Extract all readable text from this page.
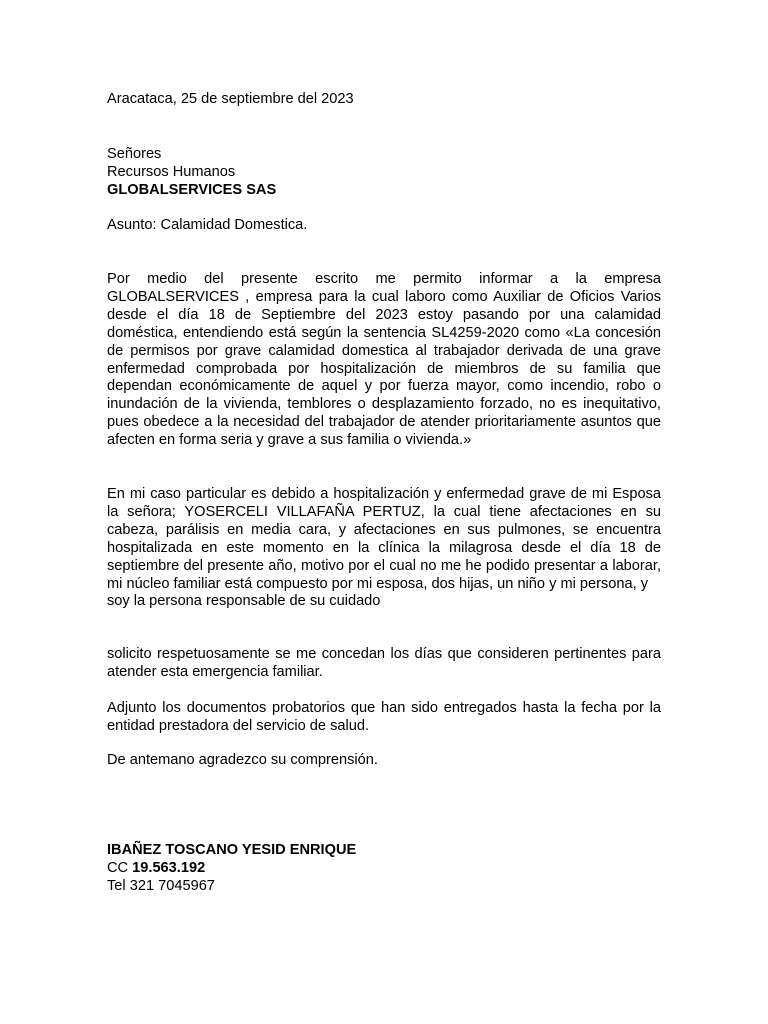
Aracataca, 25 de septiembre del 2023

Señores
Recursos Humanos
GLOBALSERVICES SAS

Asunto: Calamidad Domestica.

Por medio del presente escrito me permito informar a la empresa GLOBALSERVICES , empresa para la cual laboro como Auxiliar de Oficios Varios desde el día 18 de Septiembre del 2023 estoy pasando por una calamidad doméstica, entendiendo está según la sentencia SL4259-2020 como «La concesión de permisos por grave calamidad domestica al trabajador derivada de una grave enfermedad comprobada por hospitalización de miembros de su familia que dependan económicamente de aquel y por fuerza mayor, como incendio, robo o inundación de la vivienda, temblores o desplazamiento forzado, no es inequitativo, pues obedece a la necesidad del trabajador de atender prioritariamente asuntos que afecten en forma seria y grave a sus familia o vivienda.»

En mi caso particular es debido a hospitalización y enfermedad grave de mi Esposa la señora; YOSERCELI VILLAFAÑA PERTUZ, la cual tiene afectaciones en su cabeza, parálisis en media cara, y afectaciones en sus pulmones, se encuentra hospitalizada en este momento en la clínica la milagrosa desde el día 18 de septiembre del presente año, motivo por el cual no me he podido presentar a laborar, mi núcleo familiar está compuesto por mi esposa, dos hijas, un niño y mi persona, y
soy la persona responsable de su cuidado

solicito respetuosamente se me concedan los días que consideren pertinentes para atender esta emergencia familiar.

Adjunto los documentos probatorios que han sido entregados hasta la fecha por la entidad prestadora del servicio de salud.

De antemano agradezco su comprensión.

IBAÑEZ TOSCANO YESID ENRIQUE
CC 19.563.192
Tel 321 7045967
